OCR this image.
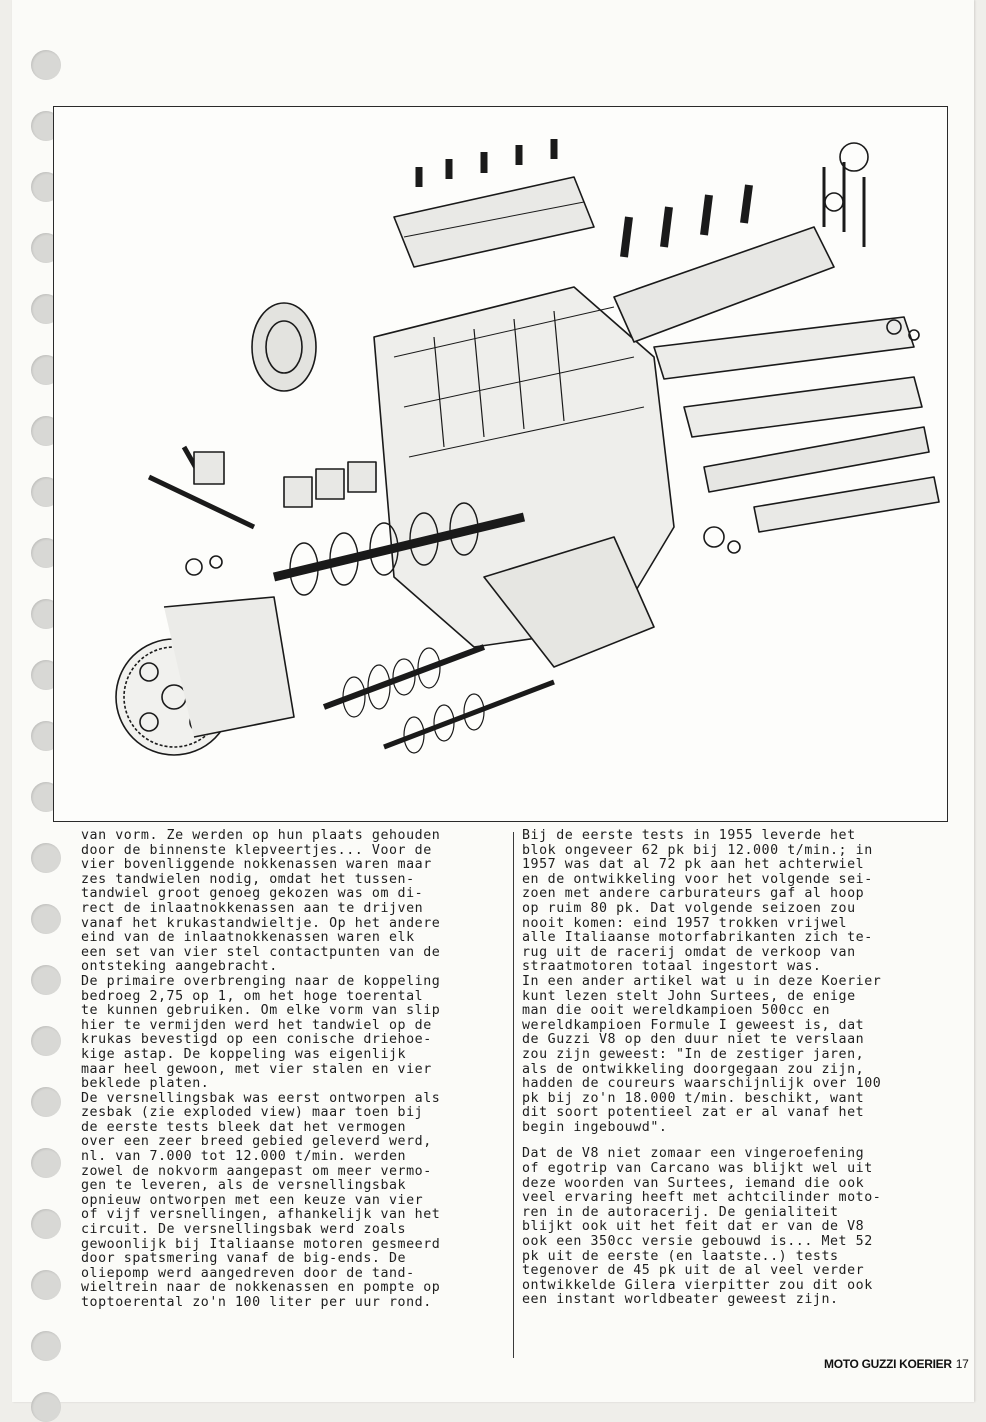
van vorm. Ze werden op hun plaats gehouden
door de binnenste klepveertjes... Voor de
vier bovenliggende nokkenassen waren maar
zes tandwielen nodig, omdat het tussen-
tandwiel groot genoeg gekozen was om di-
rect de inlaatnokkenassen aan te drijven
vanaf het krukastandwieltje. Op het andere
eind van de inlaatnokkenassen waren elk
een set van vier stel contactpunten van de
ontsteking aangebracht.
De primaire overbrenging naar de koppeling
bedroeg 2,75 op 1, om het hoge toerental
te kunnen gebruiken. Om elke vorm van slip
hier te vermijden werd het tandwiel op de
krukas bevestigd op een conische driehoe-
kige astap. De koppeling was eigenlijk
maar heel gewoon, met vier stalen en vier
beklede platen.
De versnellingsbak was eerst ontworpen als
zesbak (zie exploded view) maar toen bij
de eerste tests bleek dat het vermogen
over een zeer breed gebied geleverd werd,
nl. van 7.000 tot 12.000 t/min. werden
zowel de nokvorm aangepast om meer vermo-
gen te leveren, als de versnellingsbak
opnieuw ontworpen met een keuze van vier
of vijf versnellingen, afhankelijk van het
circuit. De versnellingsbak werd zoals
gewoonlijk bij Italiaanse motoren gesmeerd
door spatsmering vanaf de big-ends. De
oliepomp werd aangedreven door de tand-
wieltrein naar de nokkenassen en pompte op
toptoerental zo'n 100 liter per uur rond.
Bij de eerste tests in 1955 leverde het
blok ongeveer 62 pk bij 12.000 t/min.; in
1957 was dat al 72 pk aan het achterwiel
en de ontwikkeling voor het volgende sei-
zoen met andere carburateurs gaf al hoop
op ruim 80 pk. Dat volgende seizoen zou
nooit komen: eind 1957 trokken vrijwel
alle Italiaanse motorfabrikanten zich te-
rug uit de racerij omdat de verkoop van
straatmotoren totaal ingestort was.
In een ander artikel wat u in deze Koerier
kunt lezen stelt John Surtees, de enige
man die ooit wereldkampioen 500cc en
wereldkampioen Formule I geweest is, dat
de Guzzi V8 op den duur niet te verslaan
zou zijn geweest: "In de zestiger jaren,
als de ontwikkeling doorgegaan zou zijn,
hadden de coureurs waarschijnlijk over 100
pk bij zo'n 18.000 t/min. beschikt, want
dit soort potentieel zat er al vanaf het
begin ingebouwd".
Dat de V8 niet zomaar een vingeroefening
of egotrip van Carcano was blijkt wel uit
deze woorden van Surtees, iemand die ook
veel ervaring heeft met achtcilinder moto-
ren in de autoracerij. De genialiteit
blijkt ook uit het feit dat er van de V8
ook een 350cc versie gebouwd is... Met 52
pk uit de eerste (en laatste..) tests
tegenover de 45 pk uit de al veel verder
ontwikkelde Gilera vierpitter zou dit ook
een instant worldbeater geweest zijn.
MOTO GUZZI KOERIER 17
